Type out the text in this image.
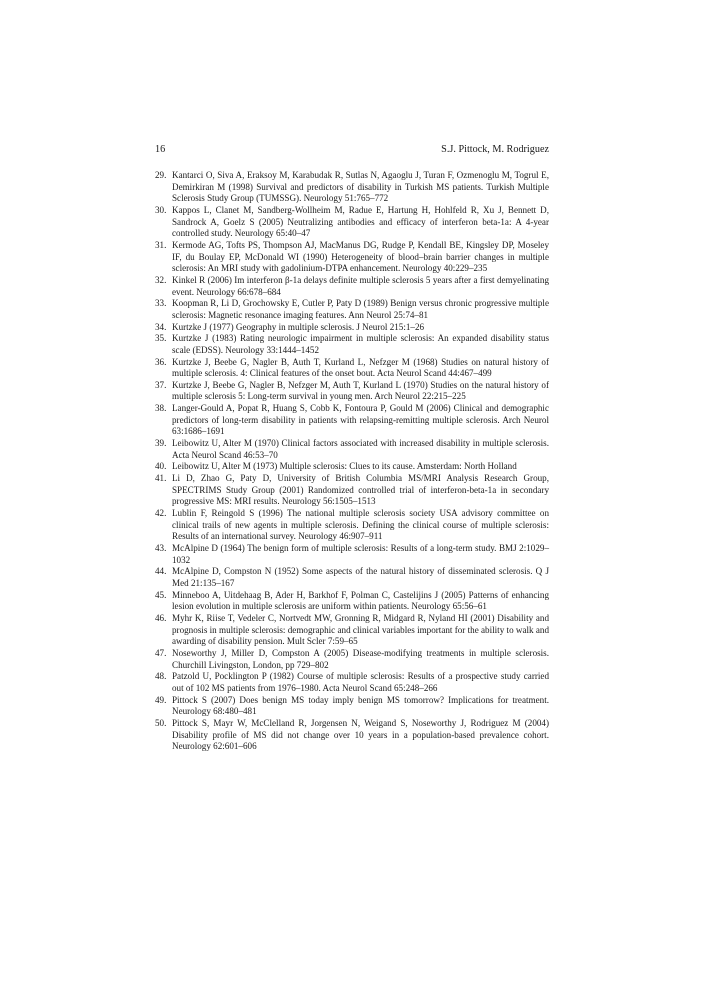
16	S.J. Pittock, M. Rodriguez
29. Kantarci O, Siva A, Eraksoy M, Karabudak R, Sutlas N, Agaoglu J, Turan F, Ozmenoglu M, Togrul E, Demirkiran M (1998) Survival and predictors of disability in Turkish MS patients. Turkish Multiple Sclerosis Study Group (TUMSSG). Neurology 51:765–772
30. Kappos L, Clanet M, Sandberg-Wollheim M, Radue E, Hartung H, Hohlfeld R, Xu J, Bennett D, Sandrock A, Goelz S (2005) Neutralizing antibodies and efficacy of interferon beta-1a: A 4-year controlled study. Neurology 65:40–47
31. Kermode AG, Tofts PS, Thompson AJ, MacManus DG, Rudge P, Kendall BE, Kingsley DP, Moseley IF, du Boulay EP, McDonald WI (1990) Heterogeneity of blood–brain barrier changes in multiple sclerosis: An MRI study with gadolinium-DTPA enhancement. Neurology 40:229–235
32. Kinkel R (2006) Im interferon β-1a delays definite multiple sclerosis 5 years after a first demyelinating event. Neurology 66:678–684
33. Koopman R, Li D, Grochowsky E, Cutler P, Paty D (1989) Benign versus chronic progressive multiple sclerosis: Magnetic resonance imaging features. Ann Neurol 25:74–81
34. Kurtzke J (1977) Geography in multiple sclerosis. J Neurol 215:1–26
35. Kurtzke J (1983) Rating neurologic impairment in multiple sclerosis: An expanded disability status scale (EDSS). Neurology 33:1444–1452
36. Kurtzke J, Beebe G, Nagler B, Auth T, Kurland L, Nefzger M (1968) Studies on natural history of multiple sclerosis. 4: Clinical features of the onset bout. Acta Neurol Scand 44:467–499
37. Kurtzke J, Beebe G, Nagler B, Nefzger M, Auth T, Kurland L (1970) Studies on the natural history of multiple sclerosis 5: Long-term survival in young men. Arch Neurol 22:215–225
38. Langer-Gould A, Popat R, Huang S, Cobb K, Fontoura P, Gould M (2006) Clinical and demographic predictors of long-term disability in patients with relapsing-remitting multiple sclerosis. Arch Neurol 63:1686–1691
39. Leibowitz U, Alter M (1970) Clinical factors associated with increased disability in multiple sclerosis. Acta Neurol Scand 46:53–70
40. Leibowitz U, Alter M (1973) Multiple sclerosis: Clues to its cause. Amsterdam: North Holland
41. Li D, Zhao G, Paty D, University of British Columbia MS/MRI Analysis Research Group, SPECTRIMS Study Group (2001) Randomized controlled trial of interferon-beta-1a in secondary progressive MS: MRI results. Neurology 56:1505–1513
42. Lublin F, Reingold S (1996) The national multiple sclerosis society USA advisory committee on clinical trails of new agents in multiple sclerosis. Defining the clinical course of multiple sclerosis: Results of an international survey. Neurology 46:907–911
43. McAlpine D (1964) The benign form of multiple sclerosis: Results of a long-term study. BMJ 2:1029–1032
44. McAlpine D, Compston N (1952) Some aspects of the natural history of disseminated sclerosis. Q J Med 21:135–167
45. Minneboo A, Uitdehaag B, Ader H, Barkhof F, Polman C, Castelijins J (2005) Patterns of enhancing lesion evolution in multiple sclerosis are uniform within patients. Neurology 65:56–61
46. Myhr K, Riise T, Vedeler C, Nortvedt MW, Gronning R, Midgard R, Nyland HI (2001) Disability and prognosis in multiple sclerosis: demographic and clinical variables important for the ability to walk and awarding of disability pension. Mult Scler 7:59–65
47. Noseworthy J, Miller D, Compston A (2005) Disease-modifying treatments in multiple sclerosis. Churchill Livingston, London, pp 729–802
48. Patzold U, Pocklington P (1982) Course of multiple sclerosis: Results of a prospective study carried out of 102 MS patients from 1976–1980. Acta Neurol Scand 65:248–266
49. Pittock S (2007) Does benign MS today imply benign MS tomorrow? Implications for treatment. Neurology 68:480–481
50. Pittock S, Mayr W, McClelland R, Jorgensen N, Weigand S, Noseworthy J, Rodriguez M (2004) Disability profile of MS did not change over 10 years in a population-based prevalence cohort. Neurology 62:601–606
